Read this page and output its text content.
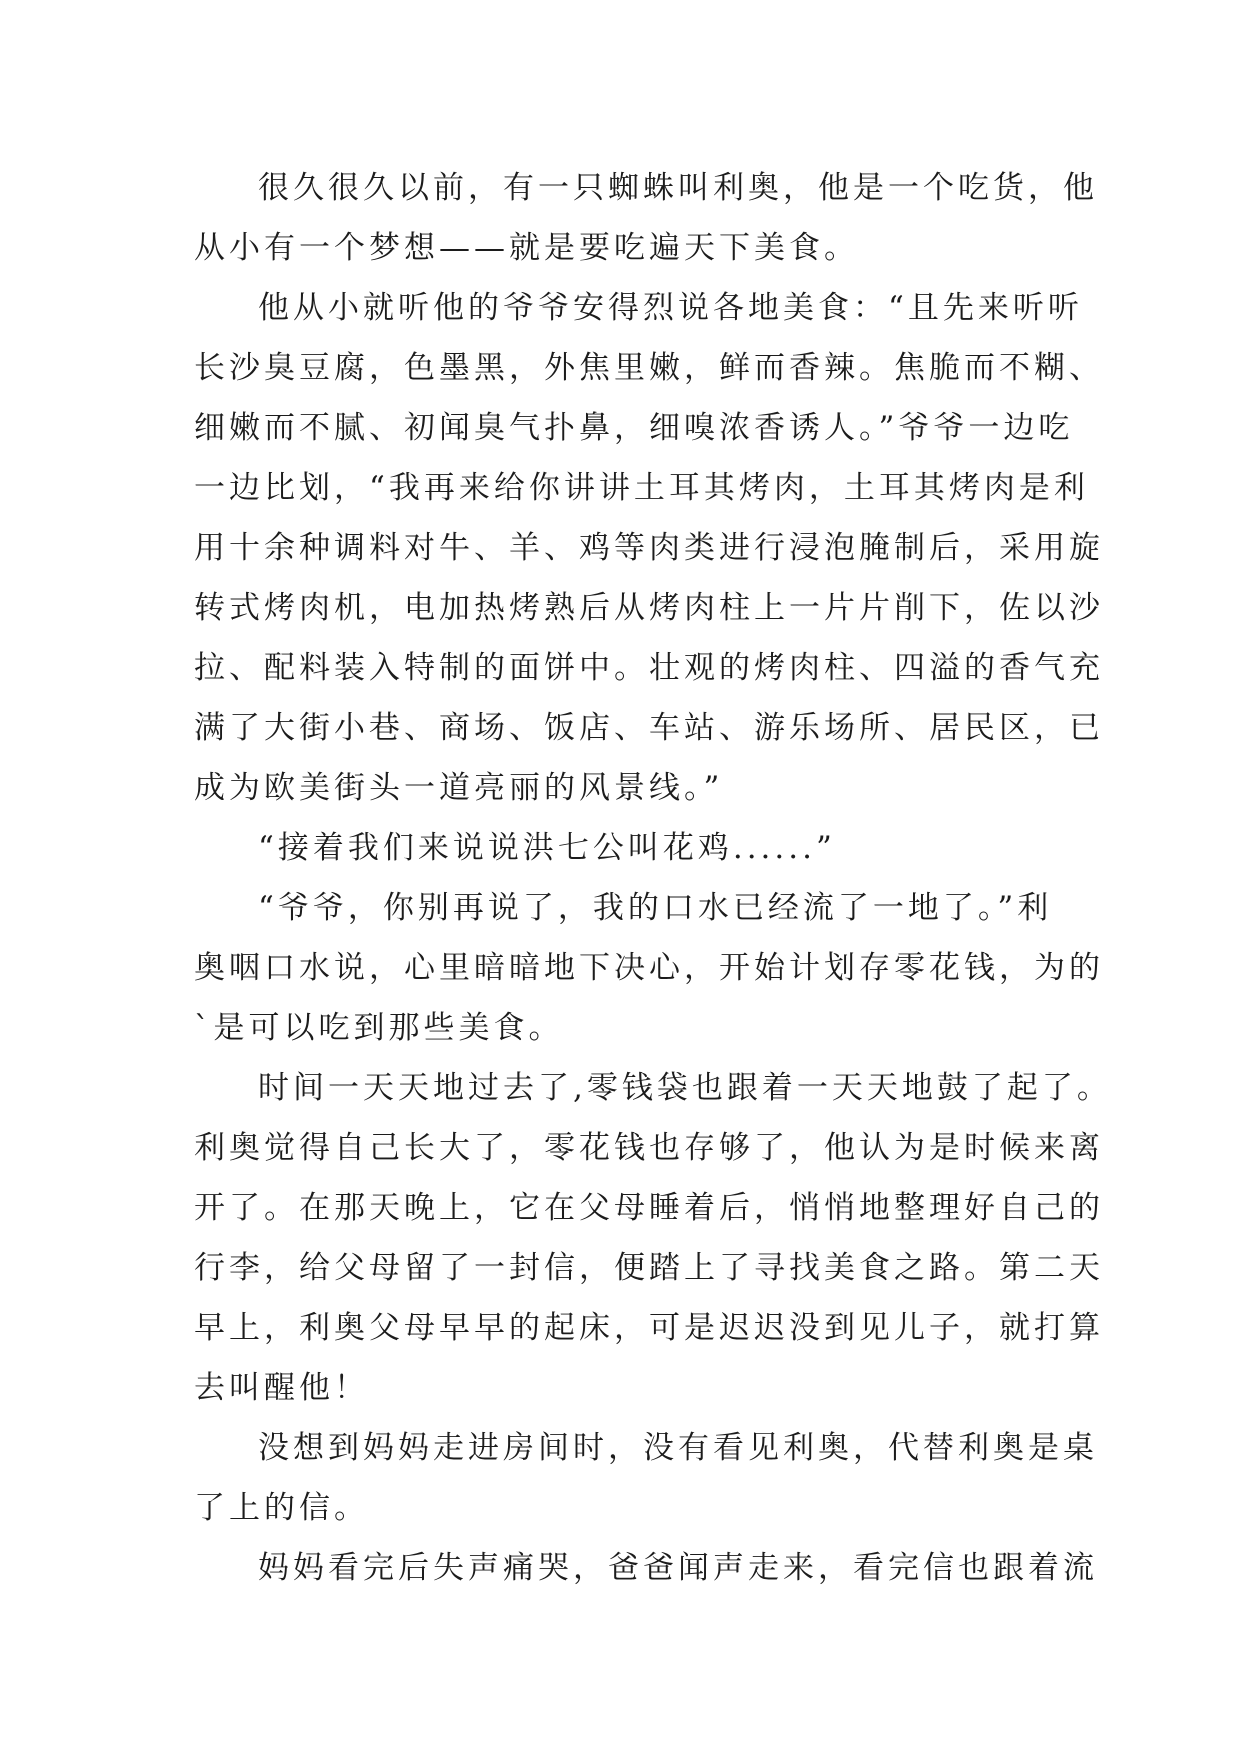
很久很久以前，有一只蜘蛛叫利奥，他是一个吃货，他
从小有一个梦想——就是要吃遍天下美食。
他从小就听他的爷爷安得烈说各地美食：“且先来听听
长沙臭豆腐，色墨黑，外焦里嫩，鲜而香辣。焦脆而不糊、
细嫩而不腻、初闻臭气扑鼻，细嗅浓香诱人。”爷爷一边吃
一边比划，“我再来给你讲讲土耳其烤肉，土耳其烤肉是利
用十余种调料对牛、羊、鸡等肉类进行浸泡腌制后，采用旋
转式烤肉机，电加热烤熟后从烤肉柱上一片片削下，佐以沙
拉、配料装入特制的面饼中。壮观的烤肉柱、四溢的香气充
满了大街小巷、商场、饭店、车站、游乐场所、居民区，已
成为欧美街头一道亮丽的风景线。”
“接着我们来说说洪七公叫花鸡......”
“爷爷，你别再说了，我的口水已经流了一地了。”利
奥咽口水说，心里暗暗地下决心，开始计划存零花钱，为的
`是可以吃到那些美食。
时间一天天地过去了,零钱袋也跟着一天天地鼓了起了。
利奥觉得自己长大了，零花钱也存够了，他认为是时候来离
开了。在那天晚上，它在父母睡着后，悄悄地整理好自己的
行李，给父母留了一封信，便踏上了寻找美食之路。第二天
早上，利奥父母早早的起床，可是迟迟没到见儿子，就打算
去叫醒他！
没想到妈妈走进房间时，没有看见利奥，代替利奥是桌
了上的信。
妈妈看完后失声痛哭，爸爸闻声走来，看完信也跟着流
